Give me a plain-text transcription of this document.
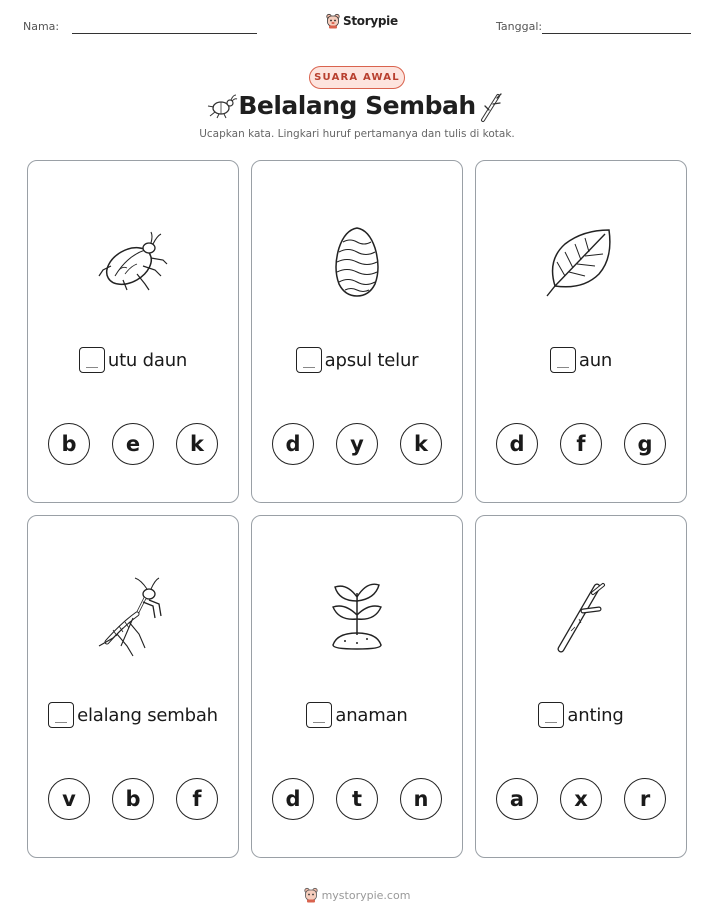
Nama:	Storypie	Tanggal:
SUARA AWAL
Belalang Sembah
Ucapkan kata. Lingkari huruf pertamanya dan tulis di kotak.
utu daun
b	e	k
apsul telur
d	y	k
aun
d	f	g
elalang sembah
v	b	f
anaman
d	t	n
anting
a	x	r
mystorypie.com
